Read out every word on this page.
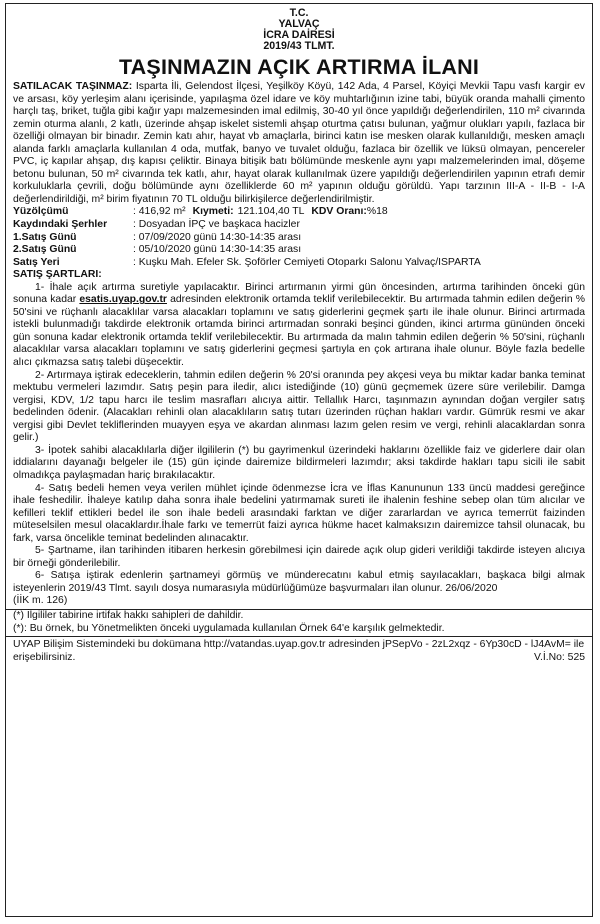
T.C.
YALVAÇ
İCRA DAİRESİ
2019/43 TLMT.
TAŞINMAZIN AÇIK ARTIRMA İLANI

SATILACAK TAŞINMAZ: Isparta İli, Gelendost İlçesi, Yeşilköy Köyü, 142 Ada, 4 Parsel, Köyiçi Mevkii Tapu vasfı kargir ev ve arsası, köy yerleşim alanı içerisinde, yapılaşma özel idare ve köy muhtarlığının izine tabi, büyük oranda mahalli çimento harçlı taş, briket, tuğla gibi kağır yapı malzemesinden imal edilmiş, 30-40 yıl önce yapıldığı değerlendirilen, 110 m² civarında zemin oturma alanlı, 2 katlı, üzerinde ahşap iskelet sistemli ahşap oturtma çatısı bulunan, yağmur olukları yapılı, fazlaca bir özelliği olmayan bir binadır. Zemin katı ahır, hayat vb amaçlarla, birinci katın ise mesken olarak kullanıldığı, mesken amaçlı alanda farklı amaçlarla kullanılan 4 oda, mutfak, banyo ve tuvalet olduğu, fazlaca bir özellik ve lüksü olmayan, pencereler PVC, iç kapılar ahşap, dış kapısı çeliktir. Binaya bitişik batı bölümünde meskenle aynı yapı malzemelerinden imal, döşeme betonu bulunan, 50 m² civarında tek katlı, ahır, hayat olarak kullanılmak üzere yapıldığı değerlendirilen yapının etrafı demir korkuluklarla çevrili, doğu bölümünde aynı özelliklerde 60 m² yapının olduğu görüldü. Yapı tarzının III-A - II-B - I-A değerlendirildiği, m² birim fiyatının 70 TL olduğu bilirkişilerce değerlendirilmiştir.

Yüzölçümü	: 416,92 m² Kıymeti: 121.104,40 TL KDV Oranı: %18
Kaydındaki Şerhler	: Dosyadan İPÇ ve başkaca hacizler
1.Satış Günü	: 07/09/2020 günü 14:30-14:35 arası
2.Satış Günü	: 05/10/2020 günü 14:30-14:35 arası
Satış Yeri	: Kuşku Mah. Efeler Sk. Şoförler Cemiyeti Otoparkı Salonu Yalvaç/ISPARTA
SATIŞ ŞARTLARI:

1- İhale açık artırma suretiyle yapılacaktır. Birinci artırmanın yirmi gün öncesinden, artırma tarihinden önceki gün sonuna kadar esatis.uyap.gov.tr adresinden elektronik ortamda teklif verilebilecektir. Bu artırmada tahmin edilen değerin % 50'sini ve rüçhanlı alacaklılar varsa alacakları toplamını ve satış giderlerini geçmek şartı ile ihale olunur. Birinci artırmada istekli bulunmadığı takdirde elektronik ortamda birinci artırmadan sonraki beşinci günden, ikinci artırma gününden önceki gün sonuna kadar elektronik ortamda teklif verilebilecektir. Bu artırmada da malın tahmin edilen değerin % 50'sini, rüçhanlı alacaklılar varsa alacakları toplamını ve satış giderlerini geçmesi şartıyla en çok artırana ihale olunur. Böyle fazla bedelle alıcı çıkmazsa satış talebi düşecektir.

2- Artırmaya iştirak edeceklerin, tahmin edilen değerin % 20'si oranında pey akçesi veya bu miktar kadar banka teminat mektubu vermeleri lazımdır. Satış peşin para iledir, alıcı istediğinde (10) günü geçmemek üzere süre verilebilir. Damga vergisi, KDV, 1/2 tapu harcı ile teslim masrafları alıcıya aittir. Tellallık Harcı, taşınmazın aynından doğan vergiler satış bedelinden ödenir. (Alacakları rehinli olan alacaklıların satış tutarı üzerinden rüçhan hakları vardır. Gümrük resmi ve akar vergisi gibi Devlet tekliflerinden muayyen eşya ve akardan alınması lazım gelen resim ve vergi, rehinli alacaklardan sonra gelir.)

3- İpotek sahibi alacaklılarla diğer ilgililerin (*) bu gayrimenkul üzerindeki haklarını özellikle faiz ve giderlere dair olan iddialarını dayanağı belgeler ile (15) gün içinde dairemize bildirmeleri lazımdır; aksi takdirde hakları tapu sicili ile sabit olmadıkça paylaşmadan hariç bırakılacaktır.

4- Satış bedeli hemen veya verilen mühlet içinde ödenmezse İcra ve İflas Kanununun 133 üncü maddesi gereğince ihale feshedilir. İhaleye katılıp daha sonra ihale bedelini yatırmamak sureti ile ihalenin feshine sebep olan tüm alıcılar ve kefilleri teklif ettikleri bedel ile son ihale bedeli arasındaki farktan ve diğer zararlardan ve ayrıca temerrüt faizinden müteselsilen mesul olacaklardır.İhale farkı ve temerrüt faizi ayrıca hükme hacet kalmaksızın dairemizce tahsil olunacak, bu fark, varsa öncelikle teminat bedelinden alınacaktır.

5- Şartname, ilan tarihinden itibaren herkesin görebilmesi için dairede açık olup gideri verildiği takdirde isteyen alıcıya bir örneği gönderilebilir.

6- Satışa iştirak edenlerin şartnameyi görmüş ve münderecatını kabul etmiş sayılacakları, başkaca bilgi almak isteyenlerin 2019/43 Tlmt. sayılı dosya numarasıyla müdürlüğümüze başvurmaları ilan olunur. 26/06/2020

(İİK m. 126)
(*) İlgililer tabirine irtifak hakkı sahipleri de dahildir.
(*): Bu örnek, bu Yönetmelikten önceki uygulamada kullanılan Örnek 64'e karşılık gelmektedir.
UYAP Bilişim Sistemindeki bu dokümana http://vatandas.uyap.gov.tr adresinden jPSepVo - 2zL2xqz - 6Yp30cD - lJ4AvM= ile erişebilirsiniz.	V.İ.No: 525
